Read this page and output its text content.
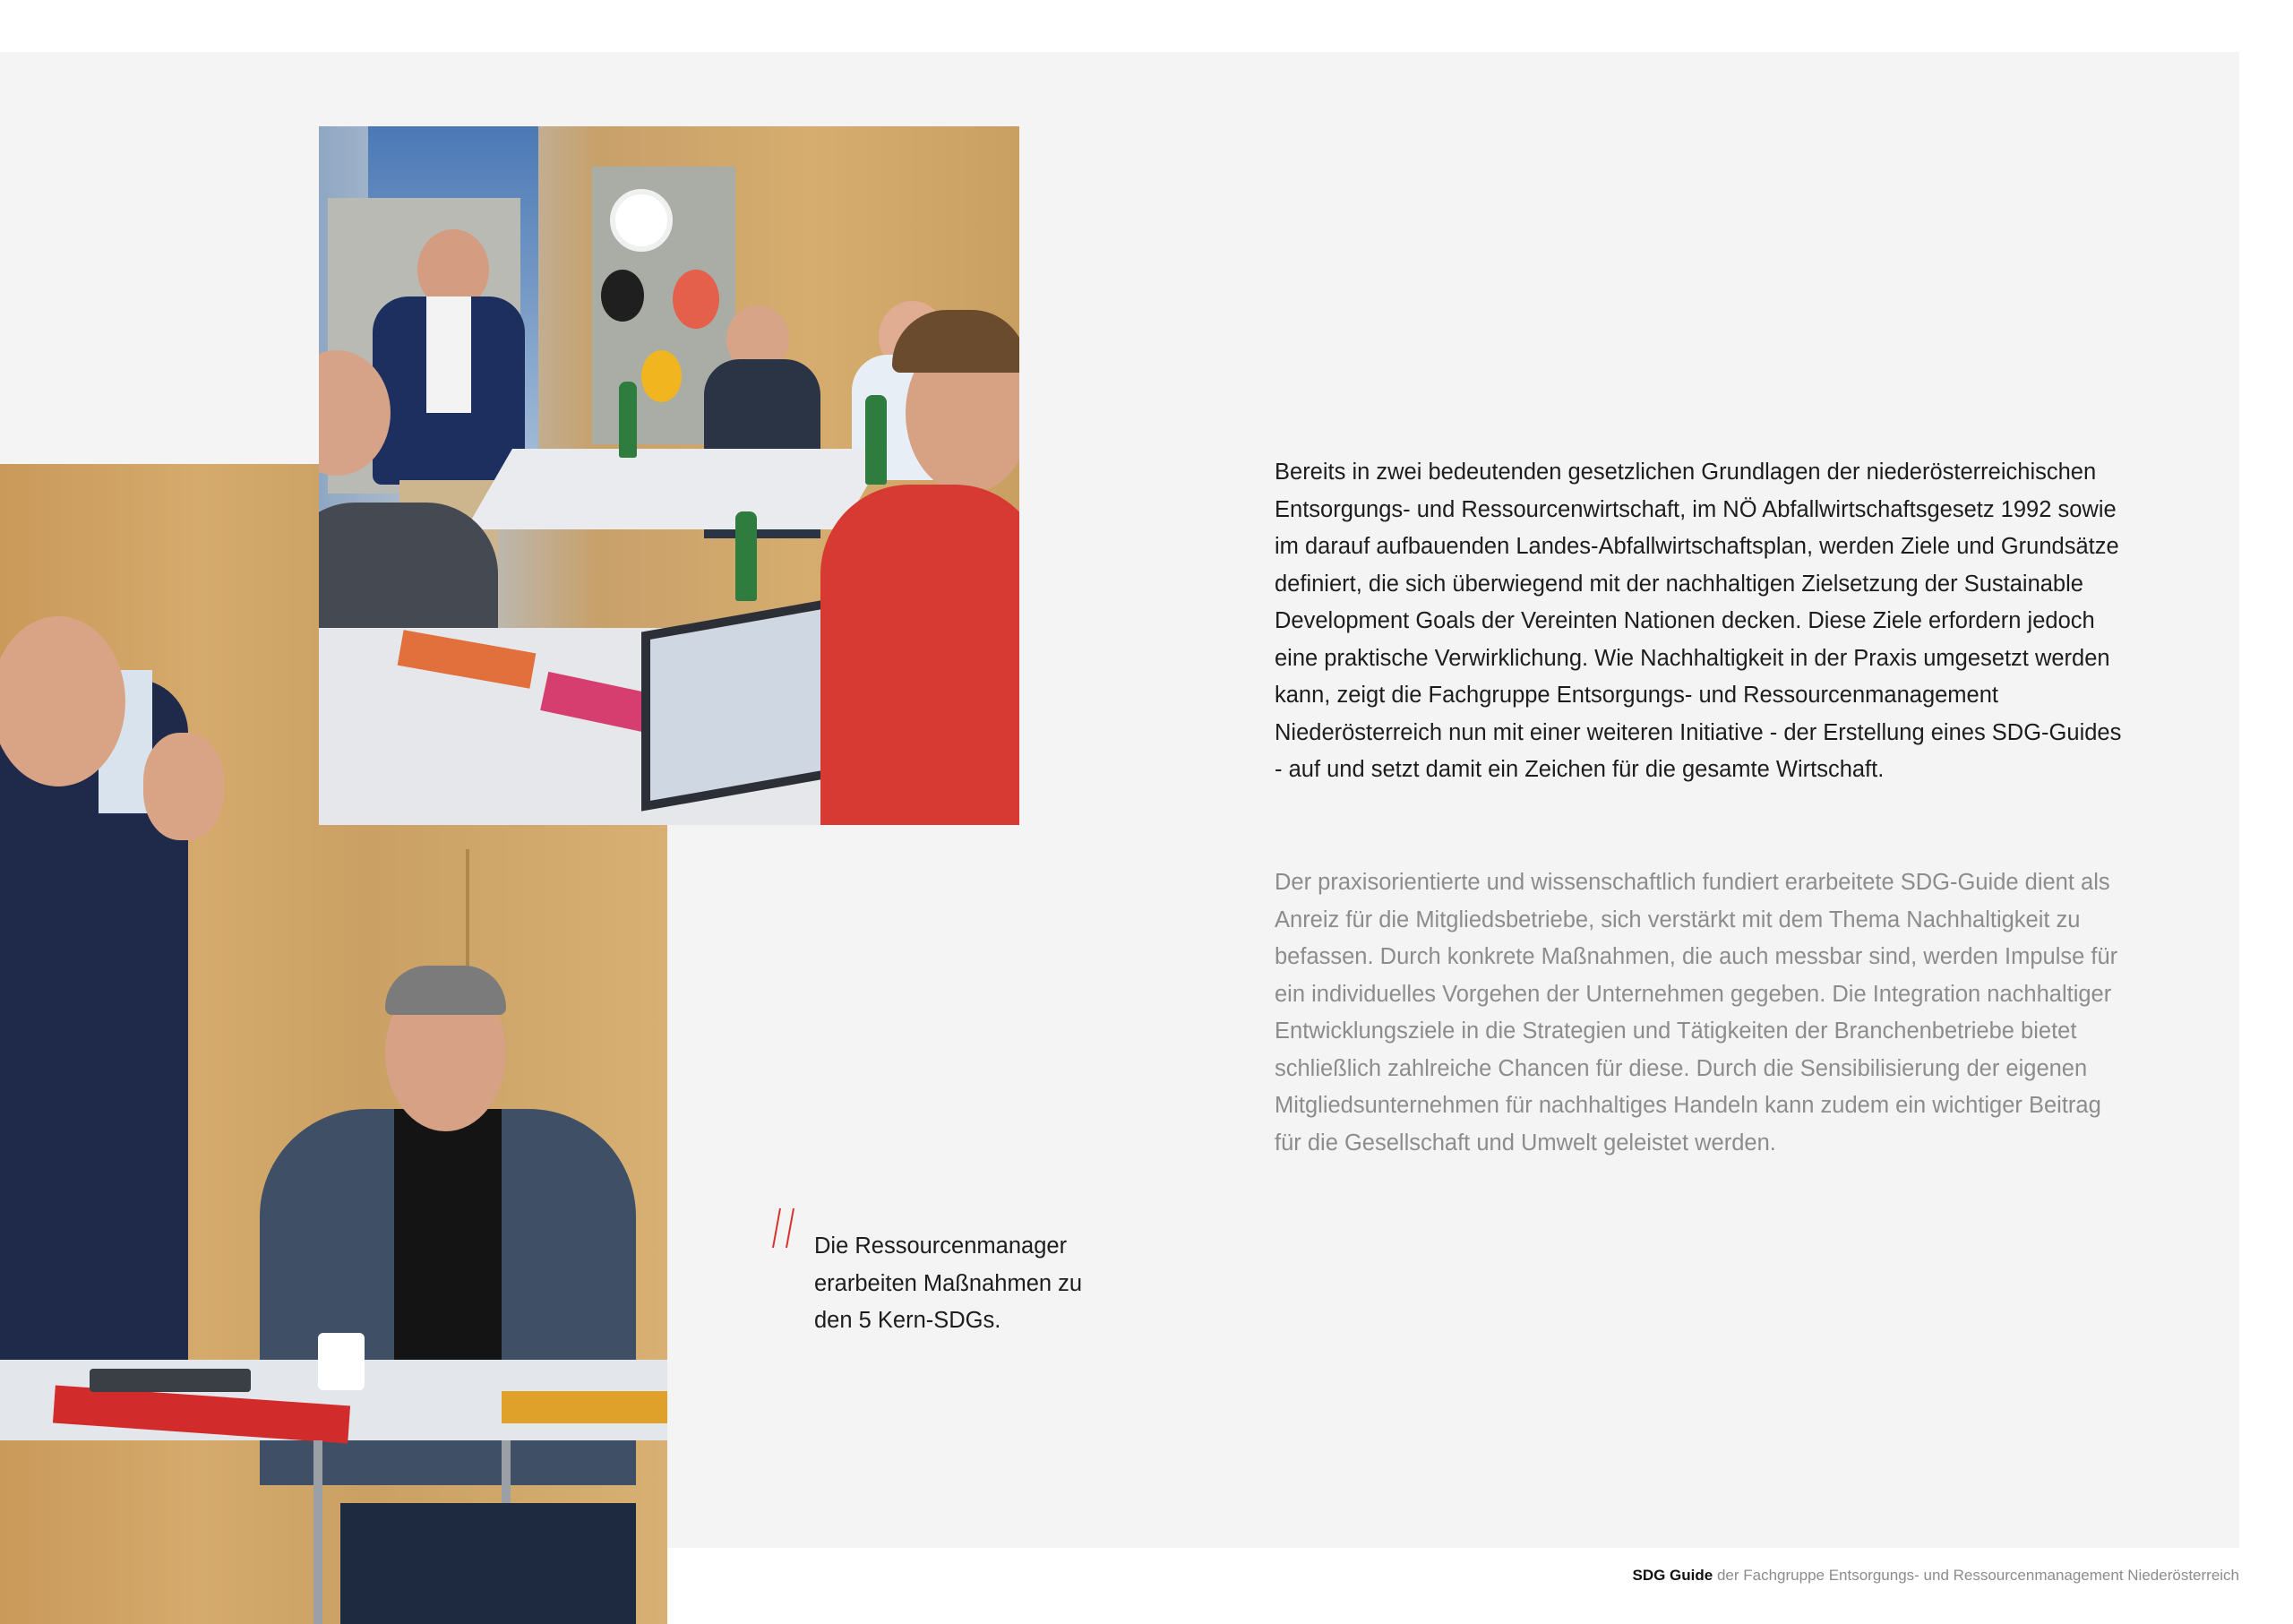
Bereits in zwei bedeutenden gesetzlichen Grundlagen der niederösterreichischen Entsorgungs- und Ressourcenwirtschaft, im NÖ Abfallwirtschaftsgesetz 1992 sowie im darauf aufbauenden Landes-Abfallwirtschaftsplan, werden Ziele und Grundsätze definiert, die sich überwiegend mit der nachhaltigen Zielsetzung der Sustainable Development Goals der Vereinten Nationen decken. Diese Ziele erfordern jedoch eine praktische Verwirklichung. Wie Nachhaltigkeit in der Praxis umgesetzt werden kann, zeigt die Fachgruppe Entsorgungs- und Ressourcenmanagement Niederösterreich nun mit einer weiteren Initiative - der Erstellung eines SDG-Guides - auf und setzt damit ein Zeichen für die gesamte Wirtschaft.

Der praxisorientierte und wissenschaftlich fundiert erarbeitete SDG-Guide dient als Anreiz für die Mitgliedsbetriebe, sich verstärkt mit dem Thema Nachhaltigkeit zu befassen. Durch konkrete Maßnahmen, die auch messbar sind, werden Impulse für ein individuelles Vorgehen der Unternehmen gegeben. Die Integration nachhaltiger Entwicklungsziele in die Strategien und Tätigkeiten der Branchenbetriebe bietet schließlich zahlreiche Chancen für diese. Durch die Sensibilisierung der eigenen Mitgliedsunternehmen für nachhaltiges Handeln kann zudem ein wichtiger Beitrag für die Gesellschaft und Umwelt geleistet werden.

Die Ressourcenmanager erarbeiten Maßnahmen zu den 5 Kern-SDGs.

SDG Guide der Fachgruppe Entsorgungs- und Ressourcenmanagement Niederösterreich
